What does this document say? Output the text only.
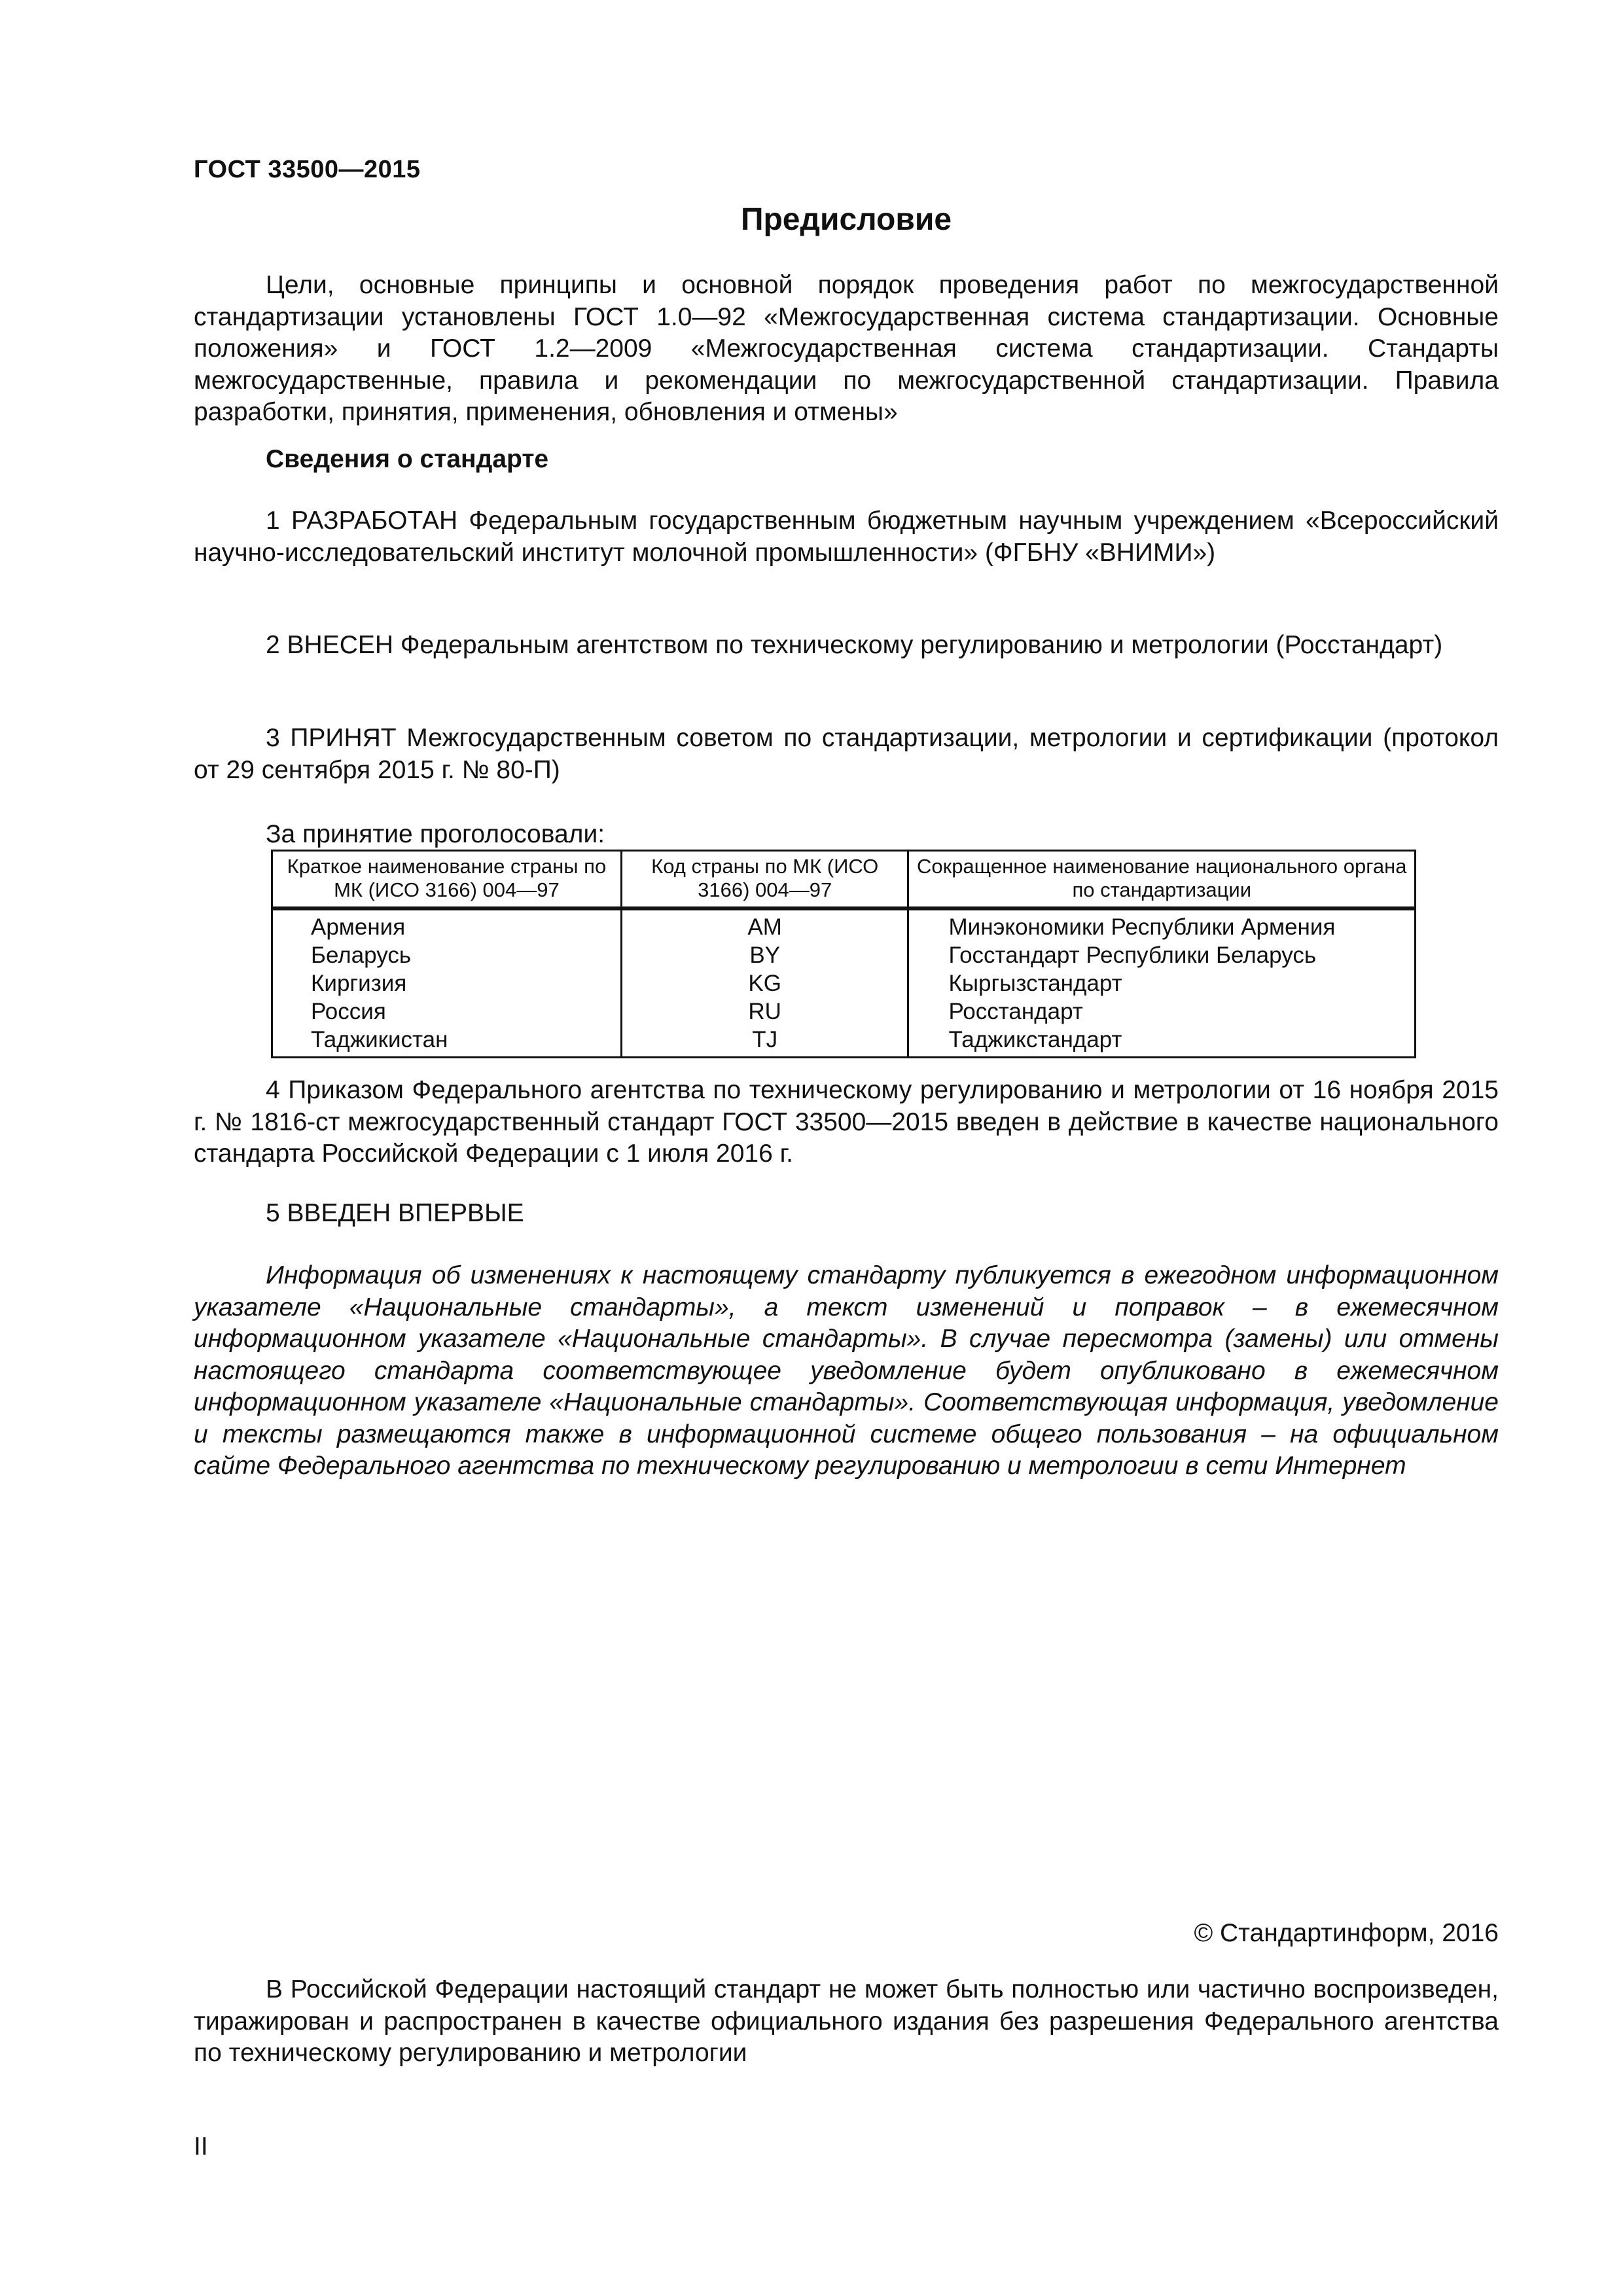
ГОСТ 33500—2015
Предисловие

Цели, основные принципы и основной порядок проведения работ по межгосударственной стандартизации установлены ГОСТ 1.0—92 «Межгосударственная система стандартизации. Основные положения» и ГОСТ 1.2—2009 «Межгосударственная система стандартизации. Стандарты межгосударственные, правила и рекомендации по межгосударственной стандартизации. Правила разработки, принятия, применения, обновления и отмены»

Сведения о стандарте

1 РАЗРАБОТАН Федеральным государственным бюджетным научным учреждением «Всероссийский научно-исследовательский институт молочной промышленности» (ФГБНУ «ВНИМИ»)

2 ВНЕСЕН Федеральным агентством по техническому регулированию и метрологии (Росстандарт)

3 ПРИНЯТ Межгосударственным советом по стандартизации, метрологии и сертификации (протокол от 29 сентября 2015 г. № 80-П)

За принятие проголосовали:
Краткое наименование страны по МК (ИСО 3166) 004—97	Код страны по МК (ИСО 3166) 004—97	Сокращенное наименование национального органа по стандартизации
Армения	AM	Минэкономики Республики Армения
Беларусь	BY	Госстандарт Республики Беларусь
Киргизия	KG	Кыргызстандарт
Россия	RU	Росстандарт
Таджикистан	TJ	Таджикстандарт

4 Приказом Федерального агентства по техническому регулированию и метрологии от 16 ноября 2015 г. № 1816-ст межгосударственный стандарт ГОСТ 33500—2015 введен в действие в качестве национального стандарта Российской Федерации с 1 июля 2016 г.

5 ВВЕДЕН ВПЕРВЫЕ

Информация об изменениях к настоящему стандарту публикуется в ежегодном информационном указателе «Национальные стандарты», а текст изменений и поправок – в ежемесячном информационном указателе «Национальные стандарты». В случае пересмотра (замены) или отмены настоящего стандарта соответствующее уведомление будет опубликовано в ежемесячном информационном указателе «Национальные стандарты». Соответствующая информация, уведомление и тексты размещаются также в информационной системе общего пользования – на официальном сайте Федерального агентства по техническому регулированию и метрологии в сети Интернет

© Стандартинформ, 2016

В Российской Федерации настоящий стандарт не может быть полностью или частично воспроизведен, тиражирован и распространен в качестве официального издания без разрешения Федерального агентства по техническому регулированию и метрологии

II
